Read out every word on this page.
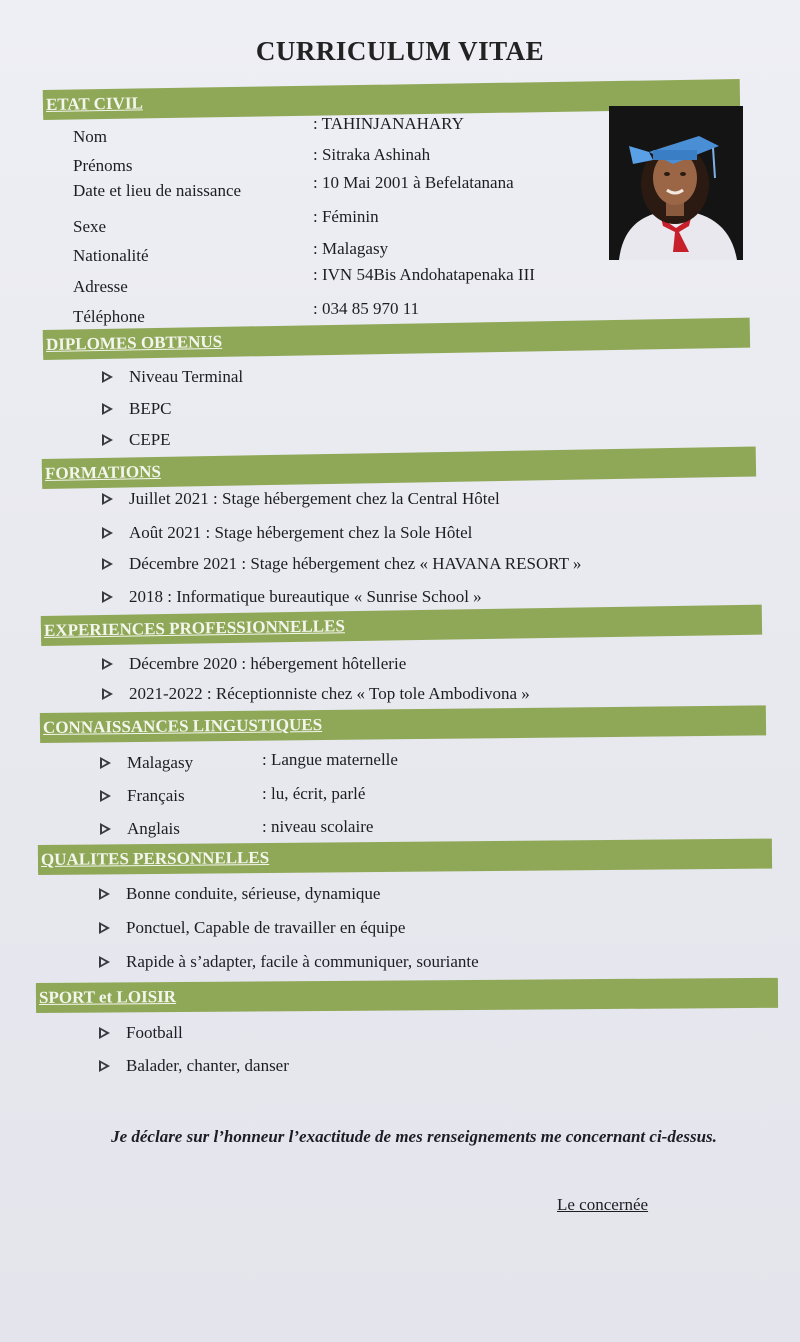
CURRICULUM VITAE
ETAT CIVIL
Nom
: TAHINJANAHARY
Prénoms
: Sitraka Ashinah
Date et lieu de naissance	: 10 Mai 2001 à Befelatanana
Sexe
: Féminin
Nationalité	: Malagasy
Adresse
: IVN 54Bis Andohatapenaka III
Téléphone	: 034 85 970 11
DIPLOMES OBTENUS
Niveau Terminal
BEPC
CEPE
FORMATIONS
Juillet 2021 : Stage hébergement chez la Central Hôtel
Août 2021 : Stage hébergement chez la Sole Hôtel
Décembre 2021 : Stage hébergement chez « HAVANA RESORT »
2018 : Informatique bureautique « Sunrise School »
EXPERIENCES PROFESSIONNELLES
Décembre 2020 : hébergement hôtellerie
2021-2022 : Réceptionniste chez « Top tole Ambodivona »
CONNAISSANCES LINGUSTIQUES
Malagasy	: Langue maternelle
Français	: lu, écrit, parlé
Anglais	: niveau scolaire
QUALITES PERSONNELLES
Bonne conduite, sérieuse, dynamique
Ponctuel, Capable de travailler en équipe
Rapide à s’adapter, facile à communiquer, souriante
SPORT et LOISIR
Football
Balader, chanter, danser
Je déclare sur l’honneur l’exactitude de mes renseignements me concernant ci-dessus.
Le concernée
